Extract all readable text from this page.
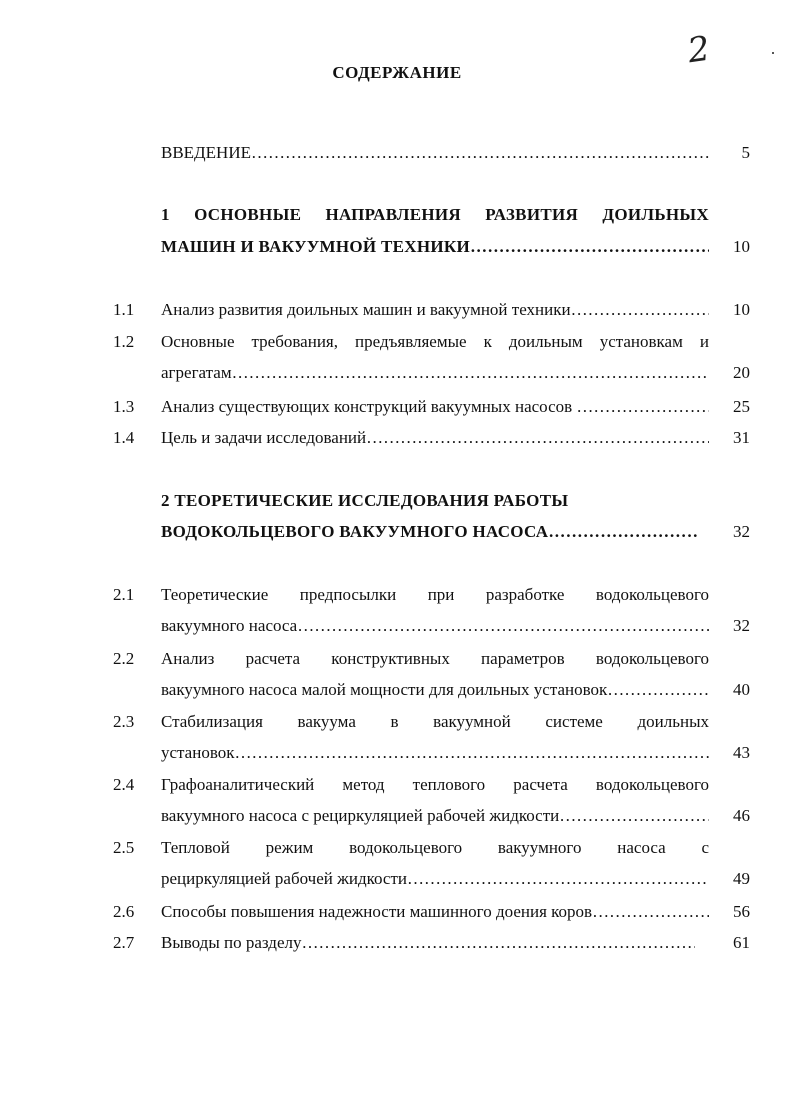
2
СОДЕРЖАНИЕ
ВВЕДЕНИЕ ……………………………………………………………………………………………………………………………………………	5
1 ОСНОВНЫЕ НАПРАВЛЕНИЯ РАЗВИТИЯ ДОИЛЬНЫХ
МАШИН И ВАКУУМНОЙ ТЕХНИКИ ……………………………………………………………………………………………………………………………………………	10
1.1	Анализ развития доильных машин и вакуумной техники ……………………………………………………………………………………………………………………………………………	10
1.2	Основные требования, предъявляемые к доильным установкам и
агрегатам ……………………………………………………………………………………………………………………………………………	20
1.3	Анализ существующих конструкций вакуумных насосов ……………………………………………………………………………………………………………………………………………	25
1.4	Цель и задачи исследований ……………………………………………………………………………………………………………………………………………	31
2 ТЕОРЕТИЧЕСКИЕ ИССЛЕДОВАНИЯ РАБОТЫ
ВОДОКОЛЬЦЕВОГО ВАКУУМНОГО НАСОСА ……………………………………………………………………………………………………………………………………………	32
2.1	Теоретические предпосылки при разработке водокольцевого
вакуумного насоса ……………………………………………………………………………………………………………………………………………	32
2.2	Анализ расчета конструктивных параметров водокольцевого
вакуумного насоса малой мощности для доильных установок ……………………………………………………………………………………………………………………………………………	40
2.3	Стабилизация вакуума в вакуумной системе доильных
установок ……………………………………………………………………………………………………………………………………………	43
2.4	Графоаналитический метод теплового расчета водокольцевого
вакуумного насоса с рециркуляцией рабочей жидкости ……………………………………………………………………………………………………………………………………………	46
2.5	Тепловой режим водокольцевого вакуумного насоса с
рециркуляцией рабочей жидкости ……………………………………………………………………………………………………………………………………………	49
2.6	Способы повышения надежности машинного доения коров ……………………………………………………………………………………………………………………………………………	56
2.7	Выводы по разделу ……………………………………………………………………………………………………………………………………………	61
